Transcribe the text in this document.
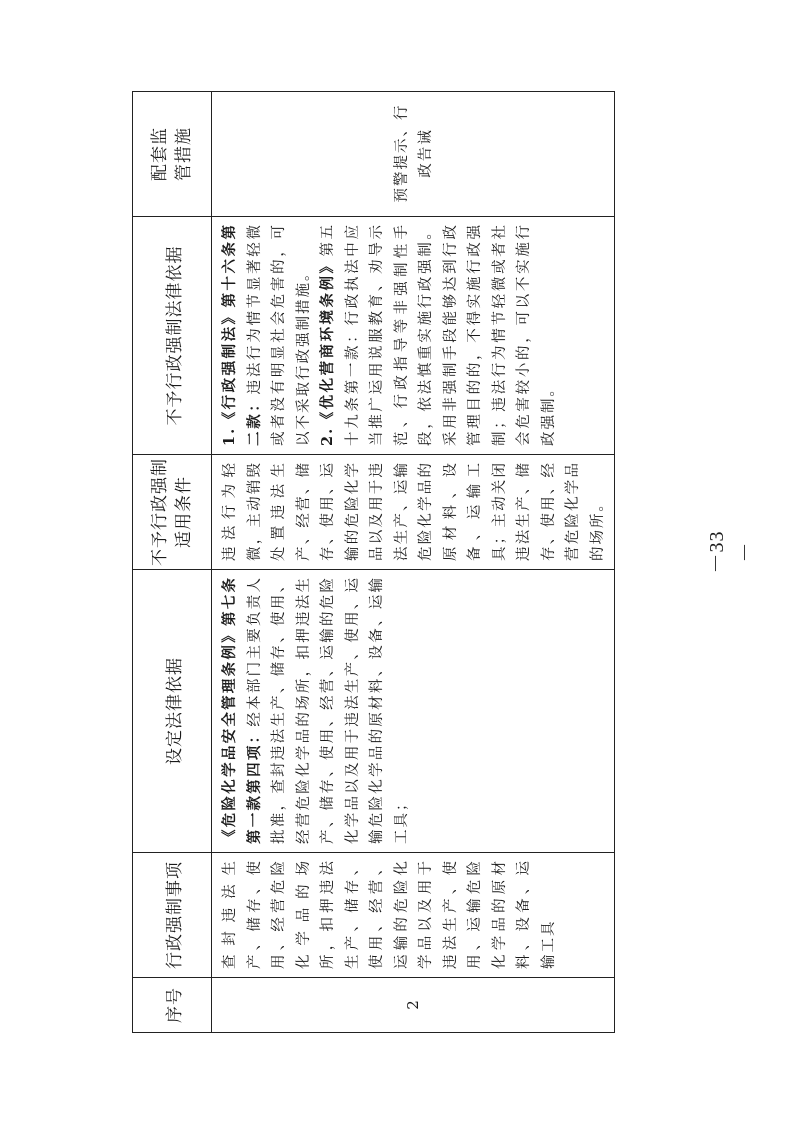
序号	行政强制事项	设定法律依据	不予行政强制 适用条件	不予行政强制法律依据	配套监 管措施

2	查封违法生产、储存、使用、经营危险化学品的场所，扣押违法生产、储存、使用、经营、运输的危险化学品以及用于违法生产、使用、运输危险化学品的原材料、设备、运输工具	《危险化学品安全管理条例》第七条第一款第四项：经本部门主要负责人批准，查封违法生产、储存、使用、经营危险化学品的场所，扣押违法生产、储存、使用、经营、运输的危险化学品以及用于违法生产、使用、运输危险化学品的原材料、设备、运输工具；	违法行为轻微，主动销毁处置违法生产、经营、储存、使用、运输的危险化学品以及用于违法生产、运输危险化学品的原材料、设备、运输工具；主动关闭违法生产、储存、使用、经营危险化学品的场所。	1.《行政强制法》第十六条第二款：违法行为情节显著轻微或者没有明显社会危害的，可以不采取行政强制措施。 2.《优化营商环境条例》第五十九条第一款：行政执法中应当推广运用说服教育、劝导示范、行政指导等非强制性手段，依法慎重实施行政强制。采用非强制手段能够达到行政管理目的的，不得实施行政强制；违法行为情节轻微或者社会危害较小的，可以不实施行政强制。	预警提示、行政告诫
－33－
